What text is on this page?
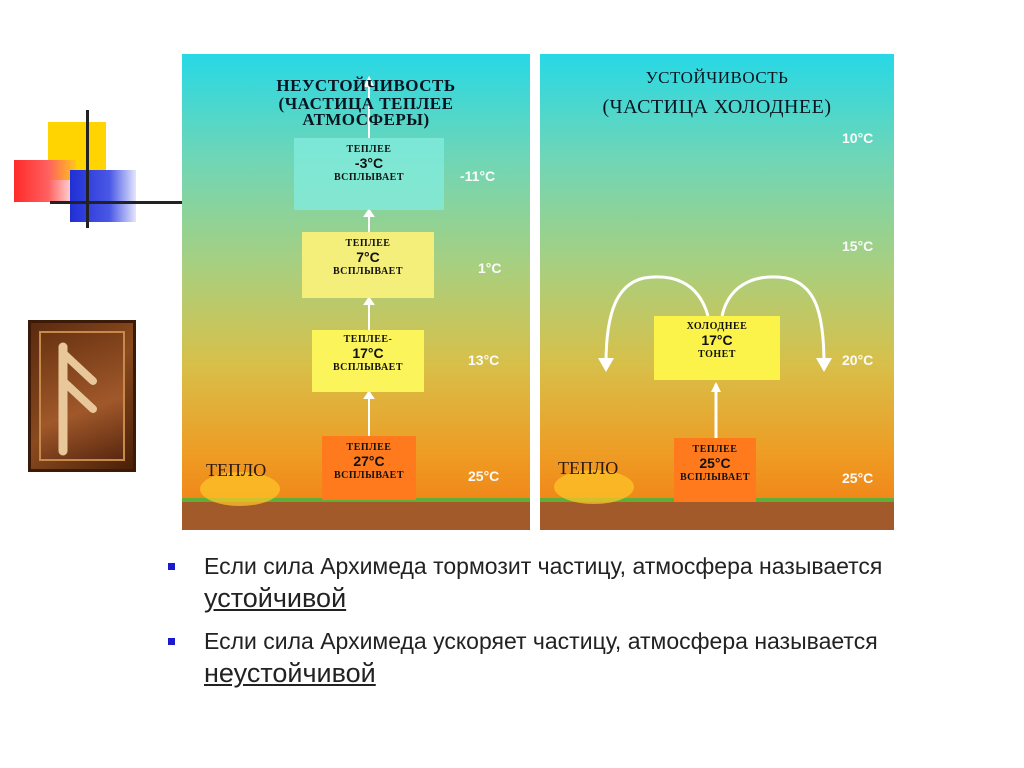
НЕУСТОЙЧИВОСТЬ
(ЧАСТИЦА ТЕПЛЕЕ
АТМОСФЕРЫ)
ТЕПЛЕЕ
-3°C
ВСПЛЫВАЕТ
ТЕПЛЕЕ
7°C
ВСПЛЫВАЕТ
ТЕПЛЕЕ-
17°C
ВСПЛЫВАЕТ
ТЕПЛЕЕ
27°C
ВСПЛЫВАЕТ
-11°C
1°C
13°C
25°C
ТЕПЛО
УСТОЙЧИВОСТЬ
(ЧАСТИЦА ХОЛОДНЕЕ)
ХОЛОДНЕЕ
17°C
ТОНЕТ
ТЕПЛЕЕ
25°C
ВСПЛЫВАЕТ
10°C
15°C
20°C
25°C
ТЕПЛО
Если сила Архимеда тормозит частицу, атмосфера называется устойчивой
Если сила Архимеда ускоряет частицу, атмосфера называется неустойчивой
